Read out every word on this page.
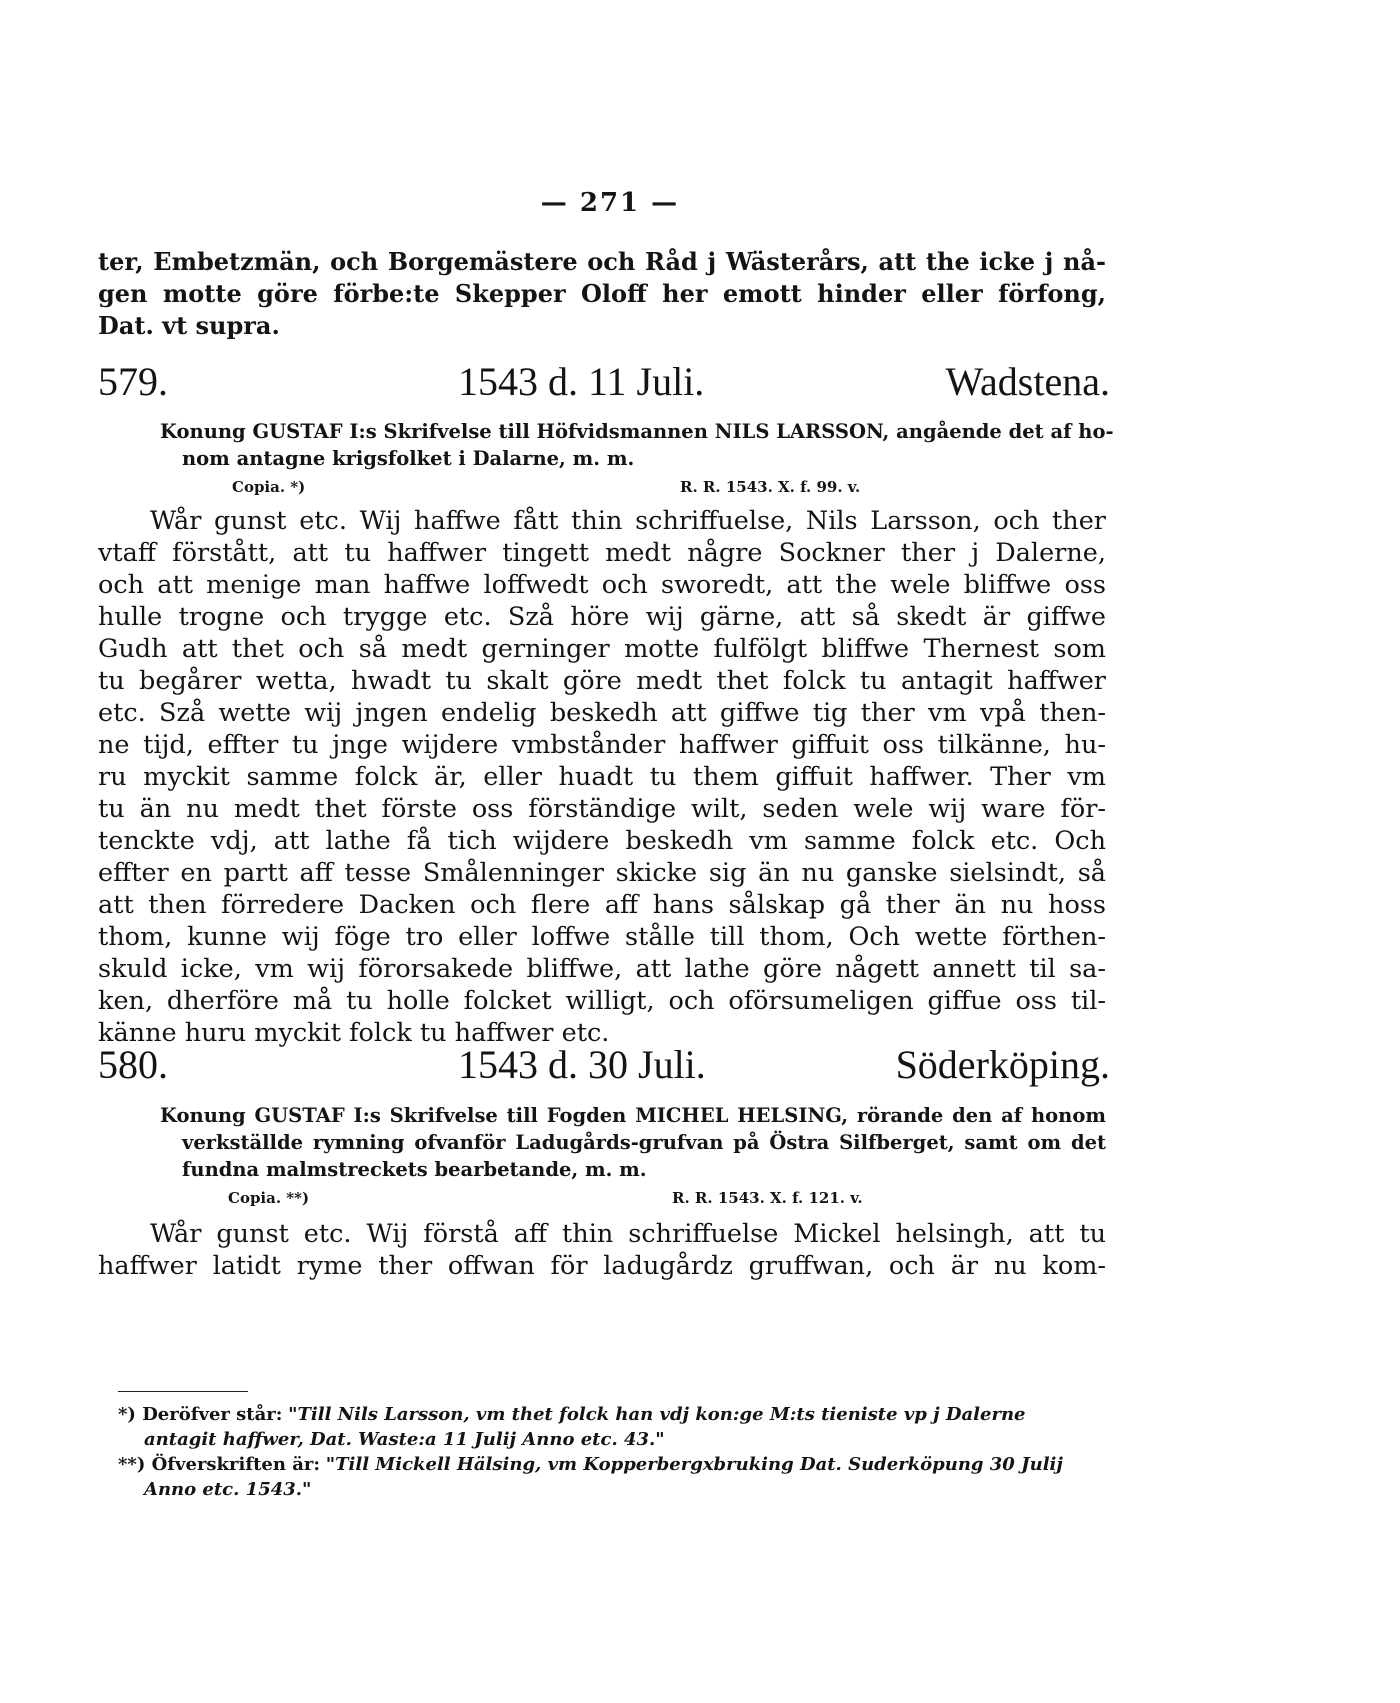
— 271 —
ter, Embetzmän, och Borgemästere och Råd j Wästerårs, att the icke j nå-
gen motte göre förbe:te Skepper Oloff her emott hinder eller förfong,
Dat. vt supra.
579.	1543 d. 11 Juli.	Wadstena.
Konung GUSTAF I:s Skrifvelse till Höfvidsmannen NILS LARSSON, angående det af ho-
nom antagne krigsfolket i Dalarne, m. m.
Copia. *)	R. R. 1543. X. f. 99. v.
Wår gunst etc. Wij haffwe fått thin schriffuelse, Nils Larsson, och ther
vtaff förstått, att tu haffwer tingett medt någre Sockner ther j Dalerne,
och att menige man haffwe loffwedt och sworedt, att the wele bliffwe oss
hulle trogne och trygge etc. Szå höre wij gärne, att så skedt är giffwe
Gudh att thet och så medt gerninger motte fulfölgt bliffwe Thernest som
tu begårer wetta, hwadt tu skalt göre medt thet folck tu antagit haffwer
etc. Szå wette wij jngen endelig beskedh att giffwe tig ther vm vpå then-
ne tijd, effter tu jnge wijdere vmbstånder haffwer giffuit oss tilkänne, hu-
ru myckit samme folck är, eller huadt tu them giffuit haffwer. Ther vm
tu än nu medt thet förste oss förständige wilt, seden wele wij ware för-
tenckte vdj, att lathe få tich wijdere beskedh vm samme folck etc. Och
effter en partt aff tesse Smålenninger skicke sig än nu ganske sielsindt, så
att then förredere Dacken och flere aff hans sålskap gå ther än nu hoss
thom, kunne wij föge tro eller loffwe stålle till thom, Och wette förthen-
skuld icke, vm wij förorsakede bliffwe, att lathe göre någett annett til sa-
ken, dherföre må tu holle folcket willigt, och oförsumeligen giffue oss til-
känne huru myckit folck tu haffwer etc.
580.	1543 d. 30 Juli.	Söderköping.
Konung GUSTAF I:s Skrifvelse till Fogden MICHEL HELSING, rörande den af honom
verkställde rymning ofvanför Ladugårds-grufvan på Östra Silfberget, samt om det
fundna malmstreckets bearbetande, m. m.
Copia. **)	R. R. 1543. X. f. 121. v.
Wår gunst etc. Wij förstå aff thin schriffuelse Mickel helsingh, att tu
haffwer latidt ryme ther offwan för ladugårdz gruffwan, och är nu kom-
*) Deröfver står: "Till Nils Larsson, vm thet folck han vdj kon:ge M:ts tieniste vp j Dalerne
antagit haffwer, Dat. Waste:a 11 Julij Anno etc. 43."
**) Öfverskriften är: "Till Mickell Hälsing, vm Kopperbergxbruking Dat. Suderköpung 30 Julij
Anno etc. 1543."
